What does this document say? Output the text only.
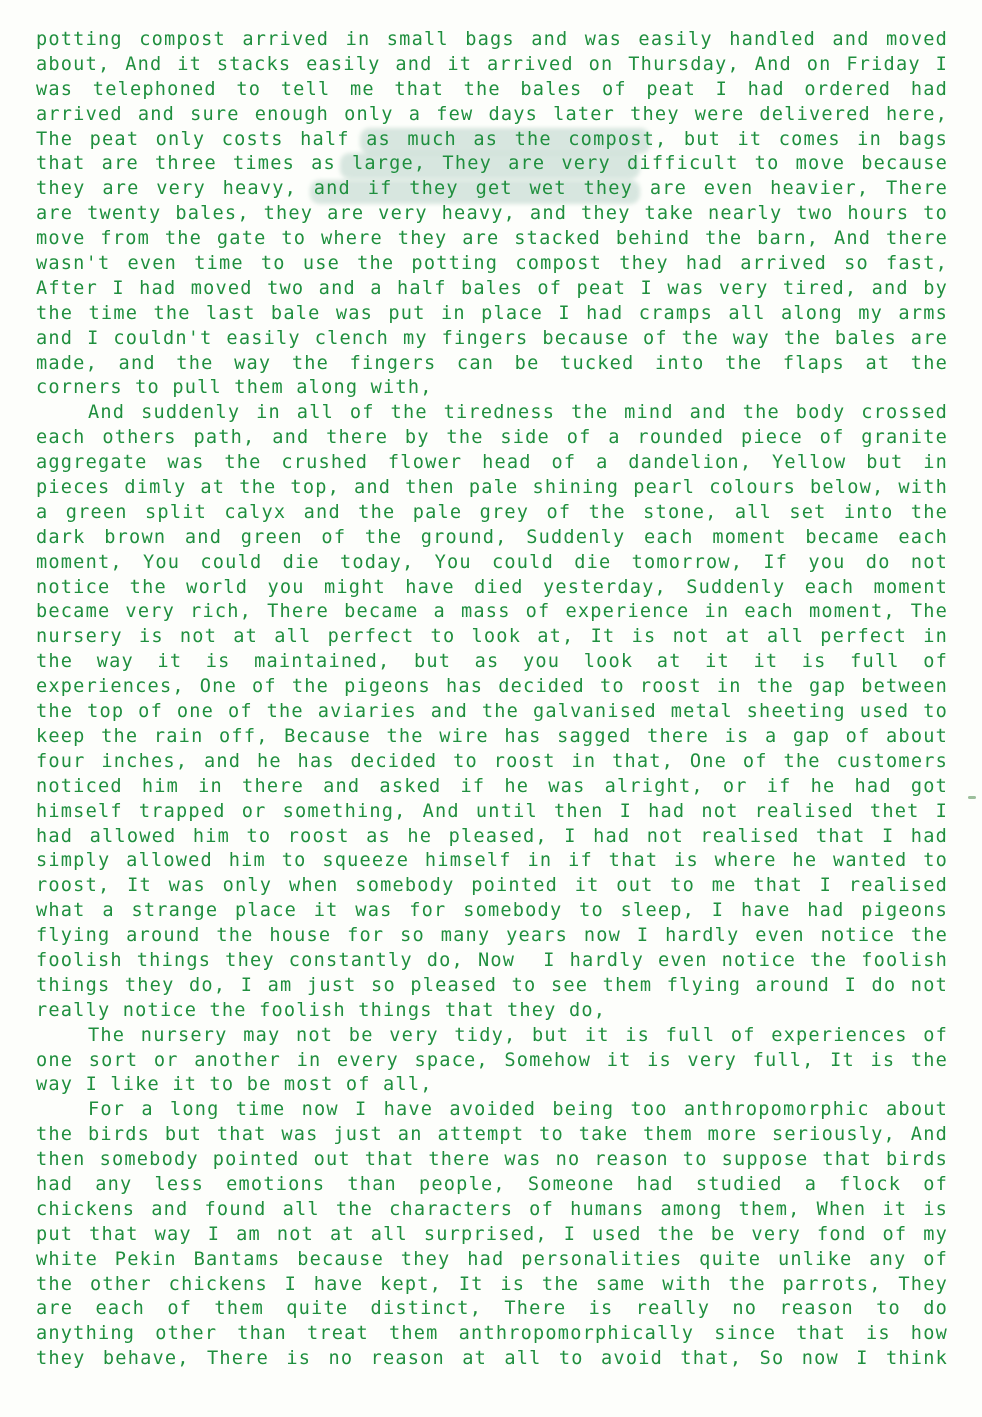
potting compost arrived in small bags and was easily handled and moved
about, And it stacks easily and it arrived on Thursday, And on Friday I
was telephoned to tell me that the bales of peat I had ordered had
arrived and sure enough only a few days later they were delivered here,
The peat only costs half as much as the compost, but it comes in bags
that are three times as large, They are very difficult to move because
they are very heavy, and if they get wet they are even heavier, There
are twenty bales, they are very heavy, and they take nearly two hours to
move from the gate to where they are stacked behind the barn, And there
wasn't even time to use the potting compost they had arrived so fast,
After I had moved two and a half bales of peat I was very tired, and by
the time the last bale was put in place I had cramps all along my arms
and I couldn't easily clench my fingers because of the way the bales are
made, and the way the fingers can be tucked into the flaps at the
corners to pull them along with,
And suddenly in all of the tiredness the mind and the body crossed
each others path, and there by the side of a rounded piece of granite
aggregate was the crushed flower head of a dandelion, Yellow but in
pieces dimly at the top, and then pale shining pearl colours below, with
a green split calyx and the pale grey of the stone, all set into the
dark brown and green of the ground, Suddenly each moment became each
moment, You could die today, You could die tomorrow, If you do not
notice the world you might have died yesterday, Suddenly each moment
became very rich, There became a mass of experience in each moment, The
nursery is not at all perfect to look at, It is not at all perfect in
the way it is maintained, but as you look at it it is full of
experiences, One of the pigeons has decided to roost in the gap between
the top of one of the aviaries and the galvanised metal sheeting used to
keep the rain off, Because the wire has sagged there is a gap of about
four inches, and he has decided to roost in that, One of the customers
noticed him in there and asked if he was alright, or if he had got
himself trapped or something, And until then I had not realised thet I
had allowed him to roost as he pleased, I had not realised that I had
simply allowed him to squeeze himself in if that is where he wanted to
roost, It was only when somebody pointed it out to me that I realised
what a strange place it was for somebody to sleep, I have had pigeons
flying around the house for so many years now I hardly even notice the
foolish things they constantly do, Now  I hardly even notice the foolish
things they do, I am just so pleased to see them flying around I do not
really notice the foolish things that they do,
The nursery may not be very tidy, but it is full of experiences of
one sort or another in every space, Somehow it is very full, It is the
way I like it to be most of all,
For a long time now I have avoided being too anthropomorphic about
the birds but that was just an attempt to take them more seriously, And
then somebody pointed out that there was no reason to suppose that birds
had any less emotions than people, Someone had studied a flock of
chickens and found all the characters of humans among them, When it is
put that way I am not at all surprised, I used the be very fond of my
white Pekin Bantams because they had personalities quite unlike any of
the other chickens I have kept, It is the same with the parrots, They
are each of them quite distinct, There is really no reason to do
anything other than treat them anthropomorphically since that is how
they behave, There is no reason at all to avoid that, So now I think
